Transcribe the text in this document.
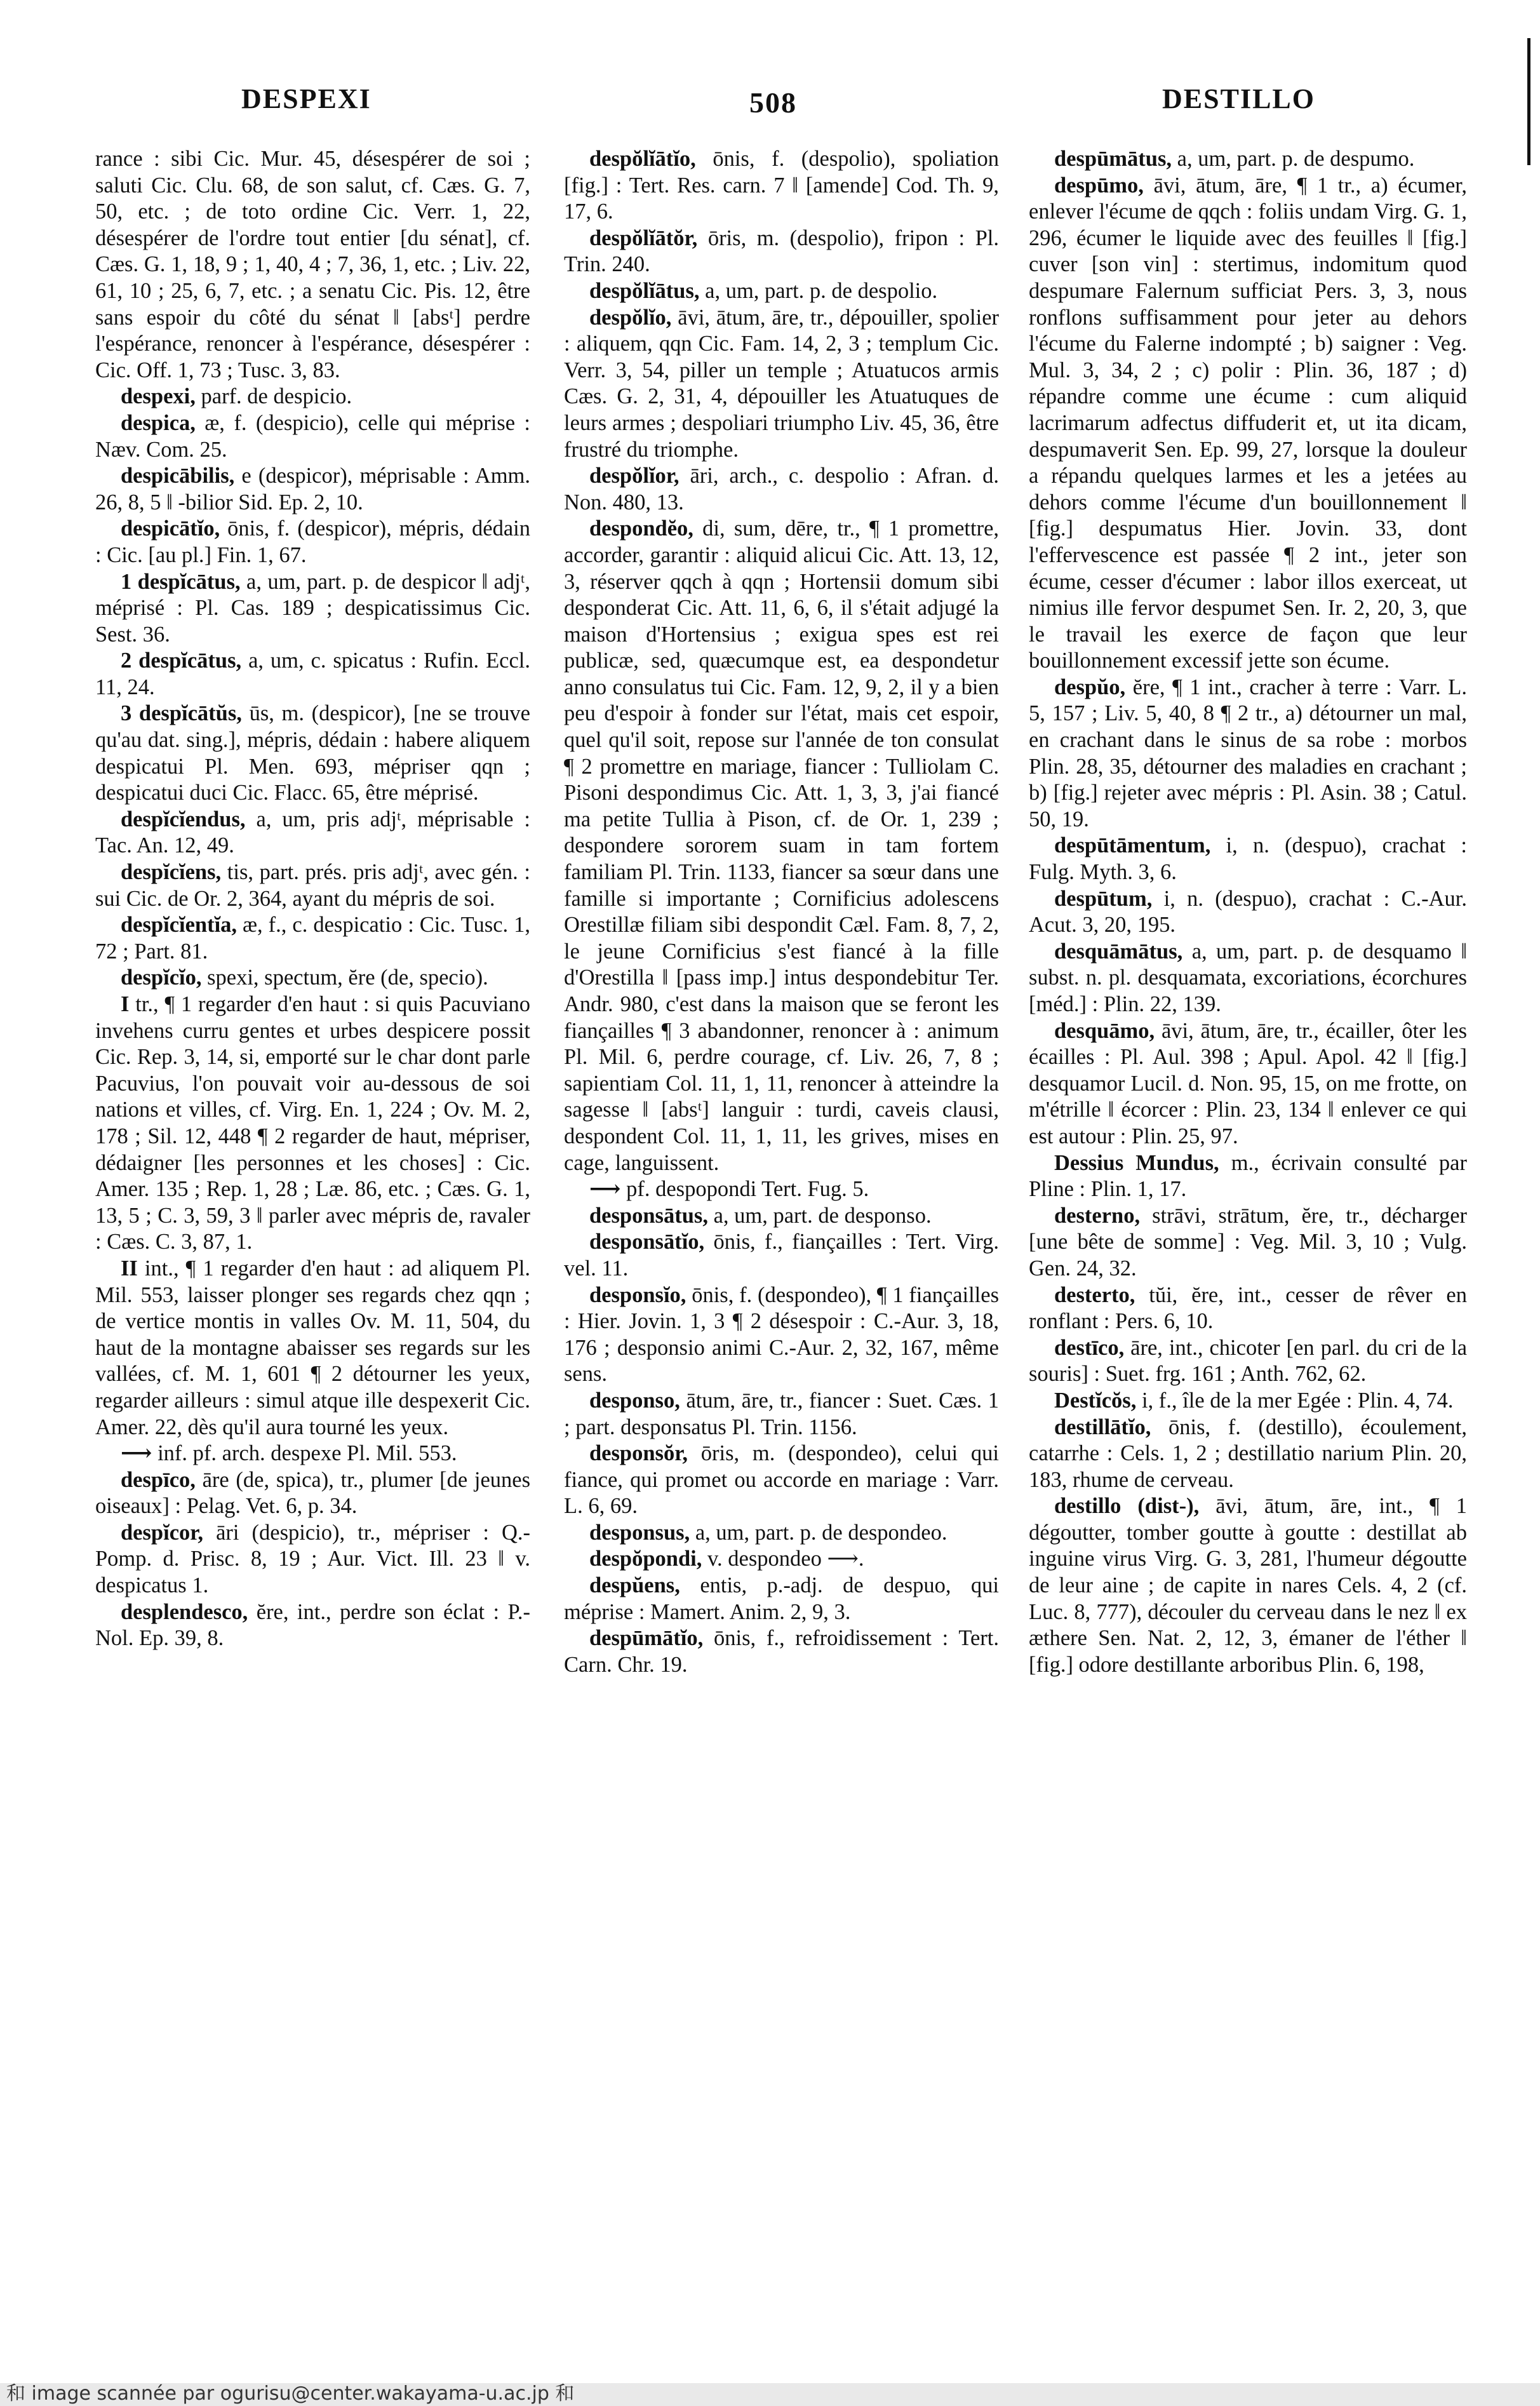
DESPEXI	508	DESTILLO

rance : sibi Cic. Mur. 45, désespérer de soi ; saluti Cic. Clu. 68, de son salut, cf. Cæs. G. 7, 50, etc. ; de toto ordine Cic. Verr. 1, 22, désespérer de l'ordre tout entier [du sénat], cf. Cæs. G. 1, 18, 9 ; 1, 40, 4 ; 7, 36, 1, etc. ; Liv. 22, 61, 10 ; 25, 6, 7, etc. ; a senatu Cic. Pis. 12, être sans espoir du côté du sénat ‖ [absᵗ] perdre l'espérance, renoncer à l'espérance, désespérer : Cic. Off. 1, 73 ; Tusc. 3, 83.

despexi, parf. de despicio.

despica, æ, f. (despicio), celle qui méprise : Næv. Com. 25.

despicābilis, e (despicor), méprisable : Amm. 26, 8, 5 ‖ -bilior Sid. Ep. 2, 10.

despicātĭo, ōnis, f. (despicor), mépris, dédain : Cic. [au pl.] Fin. 1, 67.

1 despĭcātus, a, um, part. p. de despicor ‖ adjᵗ, méprisé : Pl. Cas. 189 ; despicatissimus Cic. Sest. 36.

2 despĭcātus, a, um, c. spicatus : Rufin. Eccl. 11, 24.

3 despĭcātŭs, ūs, m. (despicor), [ne se trouve qu'au dat. sing.], mépris, dédain : habere aliquem despicatui Pl. Men. 693, mépriser qqn ; despicatui duci Cic. Flacc. 65, être méprisé.

despĭcĭendus, a, um, pris adjᵗ, méprisable : Tac. An. 12, 49.

despĭcĭens, tis, part. prés. pris adjᵗ, avec gén. : sui Cic. de Or. 2, 364, ayant du mépris de soi.

despĭcĭentĭa, æ, f., c. despicatio : Cic. Tusc. 1, 72 ; Part. 81.

despĭcĭo, spexi, spectum, ĕre (de, specio).

I tr., ¶ 1 regarder d'en haut : si quis Pacuviano invehens curru gentes et urbes despicere possit Cic. Rep. 3, 14, si, emporté sur le char dont parle Pacuvius, l'on pouvait voir au-dessous de soi nations et villes, cf. Virg. En. 1, 224 ; Ov. M. 2, 178 ; Sil. 12, 448 ¶ 2 regarder de haut, mépriser, dédaigner [les personnes et les choses] : Cic. Amer. 135 ; Rep. 1, 28 ; Læ. 86, etc. ; Cæs. G. 1, 13, 5 ; C. 3, 59, 3 ‖ parler avec mépris de, ravaler : Cæs. C. 3, 87, 1.

II int., ¶ 1 regarder d'en haut : ad aliquem Pl. Mil. 553, laisser plonger ses regards chez qqn ; de vertice montis in valles Ov. M. 11, 504, du haut de la montagne abaisser ses regards sur les vallées, cf. M. 1, 601 ¶ 2 détourner les yeux, regarder ailleurs : simul atque ille despexerit Cic. Amer. 22, dès qu'il aura tourné les yeux.

⟶ inf. pf. arch. despexe Pl. Mil. 553.

despīco, āre (de, spica), tr., plumer [de jeunes oiseaux] : Pelag. Vet. 6, p. 34.

despĭcor, āri (despicio), tr., mépriser : Q.-Pomp. d. Prisc. 8, 19 ; Aur. Vict. Ill. 23 ‖ v. despicatus 1.

desplendesco, ĕre, int., perdre son éclat : P.-Nol. Ep. 39, 8.

despŏlĭātĭo, ōnis, f. (despolio), spoliation [fig.] : Tert. Res. carn. 7 ‖ [amende] Cod. Th. 9, 17, 6.

despŏlĭātŏr, ōris, m. (despolio), fripon : Pl. Trin. 240.

despŏlĭātus, a, um, part. p. de despolio.

despŏlĭo, āvi, ātum, āre, tr., dépouiller, spolier : aliquem, qqn Cic. Fam. 14, 2, 3 ; templum Cic. Verr. 3, 54, piller un temple ; Atuatucos armis Cæs. G. 2, 31, 4, dépouiller les Atuatuques de leurs armes ; despoliari triumpho Liv. 45, 36, être frustré du triomphe.

despŏlĭor, āri, arch., c. despolio : Afran. d. Non. 480, 13.

despondĕo, di, sum, dēre, tr., ¶ 1 promettre, accorder, garantir : aliquid alicui Cic. Att. 13, 12, 3, réserver qqch à qqn ; Hortensii domum sibi desponderat Cic. Att. 11, 6, 6, il s'était adjugé la maison d'Hortensius ; exigua spes est rei publicæ, sed, quæcumque est, ea despondetur anno consulatus tui Cic. Fam. 12, 9, 2, il y a bien peu d'espoir à fonder sur l'état, mais cet espoir, quel qu'il soit, repose sur l'année de ton consulat ¶ 2 promettre en mariage, fiancer : Tulliolam C. Pisoni despondimus Cic. Att. 1, 3, 3, j'ai fiancé ma petite Tullia à Pison, cf. de Or. 1, 239 ; despondere sororem suam in tam fortem familiam Pl. Trin. 1133, fiancer sa sœur dans une famille si importante ; Cornificius adolescens Orestillæ filiam sibi despondit Cæl. Fam. 8, 7, 2, le jeune Cornificius s'est fiancé à la fille d'Orestilla ‖ [pass imp.] intus despondebitur Ter. Andr. 980, c'est dans la maison que se feront les fiançailles ¶ 3 abandonner, renoncer à : animum Pl. Mil. 6, perdre courage, cf. Liv. 26, 7, 8 ; sapientiam Col. 11, 1, 11, renoncer à atteindre la sagesse ‖ [absᵗ] languir : turdi, caveis clausi, despondent Col. 11, 1, 11, les grives, mises en cage, languissent.

⟶ pf. despopondi Tert. Fug. 5.

desponsātus, a, um, part. de desponso.

desponsātĭo, ōnis, f., fiançailles : Tert. Virg. vel. 11.

desponsĭo, ōnis, f. (despondeo), ¶ 1 fiançailles : Hier. Jovin. 1, 3 ¶ 2 désespoir : C.-Aur. 3, 18, 176 ; desponsio animi C.-Aur. 2, 32, 167, même sens.

desponso, ātum, āre, tr., fiancer : Suet. Cæs. 1 ; part. desponsatus Pl. Trin. 1156.

desponsŏr, ōris, m. (despondeo), celui qui fiance, qui promet ou accorde en mariage : Varr. L. 6, 69.

desponsus, a, um, part. p. de despondeo.

despŏpondi, v. despondeo ⟶.

despŭens, entis, p.-adj. de despuo, qui méprise : Mamert. Anim. 2, 9, 3.

despūmātĭo, ōnis, f., refroidissement : Tert. Carn. Chr. 19.

despūmātus, a, um, part. p. de despumo.

despūmo, āvi, ātum, āre, ¶ 1 tr., a) écumer, enlever l'écume de qqch : foliis undam Virg. G. 1, 296, écumer le liquide avec des feuilles ‖ [fig.] cuver [son vin] : stertimus, indomitum quod despumare Falernum sufficiat Pers. 3, 3, nous ronflons suffisamment pour jeter au dehors l'écume du Falerne indompté ; b) saigner : Veg. Mul. 3, 34, 2 ; c) polir : Plin. 36, 187 ; d) répandre comme une écume : cum aliquid lacrimarum adfectus diffuderit et, ut ita dicam, despumaverit Sen. Ep. 99, 27, lorsque la douleur a répandu quelques larmes et les a jetées au dehors comme l'écume d'un bouillonnement ‖ [fig.] despumatus Hier. Jovin. 33, dont l'effervescence est passée ¶ 2 int., jeter son écume, cesser d'écumer : labor illos exerceat, ut nimius ille fervor despumet Sen. Ir. 2, 20, 3, que le travail les exerce de façon que leur bouillonnement excessif jette son écume.

despŭo, ĕre, ¶ 1 int., cracher à terre : Varr. L. 5, 157 ; Liv. 5, 40, 8 ¶ 2 tr., a) détourner un mal, en crachant dans le sinus de sa robe : morbos Plin. 28, 35, détourner des maladies en crachant ; b) [fig.] rejeter avec mépris : Pl. Asin. 38 ; Catul. 50, 19.

despūtāmentum, i, n. (despuo), crachat : Fulg. Myth. 3, 6.

despūtum, i, n. (despuo), crachat : C.-Aur. Acut. 3, 20, 195.

desquāmātus, a, um, part. p. de desquamo ‖ subst. n. pl. desquamata, excoriations, écorchures [méd.] : Plin. 22, 139.

desquāmo, āvi, ātum, āre, tr., écailler, ôter les écailles : Pl. Aul. 398 ; Apul. Apol. 42 ‖ [fig.] desquamor Lucil. d. Non. 95, 15, on me frotte, on m'étrille ‖ écorcer : Plin. 23, 134 ‖ enlever ce qui est autour : Plin. 25, 97.

Dessius Mundus, m., écrivain consulté par Pline : Plin. 1, 17.

desterno, strāvi, strātum, ĕre, tr., décharger [une bête de somme] : Veg. Mil. 3, 10 ; Vulg. Gen. 24, 32.

desterto, tŭi, ĕre, int., cesser de rêver en ronflant : Pers. 6, 10.

destīco, āre, int., chicoter [en parl. du cri de la souris] : Suet. frg. 161 ; Anth. 762, 62.

Destĭcŏs, i, f., île de la mer Egée : Plin. 4, 74.

destillātĭo, ōnis, f. (destillo), écoulement, catarrhe : Cels. 1, 2 ; destillatio narium Plin. 20, 183, rhume de cerveau.

destillo (dist-), āvi, ātum, āre, int., ¶ 1 dégoutter, tomber goutte à goutte : destillat ab inguine virus Virg. G. 3, 281, l'humeur dégoutte de leur aine ; de capite in nares Cels. 4, 2 (cf. Luc. 8, 777), découler du cerveau dans le nez ‖ ex æthere Sen. Nat. 2, 12, 3, émaner de l'éther ‖ [fig.] odore destillante arboribus Plin. 6, 198,

和 image scannée par ogurisu@center.wakayama-u.ac.jp 和
